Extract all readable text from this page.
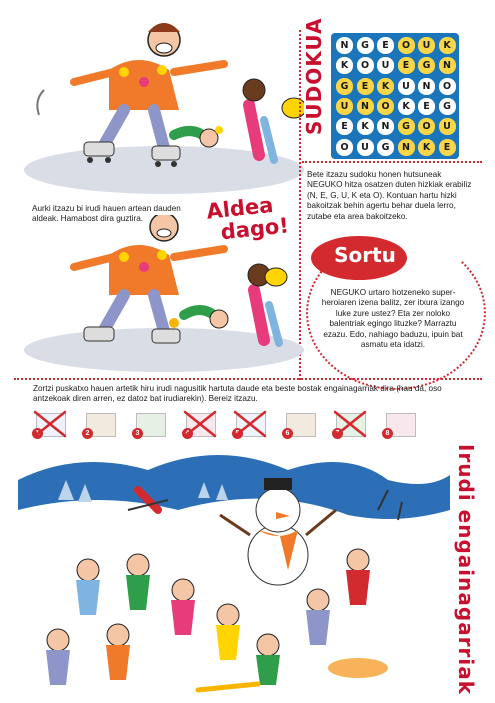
SUDOKUA	N	G	E	O	U	K
K	O	U	E	G	N
G	E	K	U	N	O
U	N	O	K	E	G
E	K	N	G	O	U
O	U	G	N	K	E
Bete itzazu sudoku honen hutsuneak NEGUKO hitza osatzen duten hizkiak erabiliz (N, E, G, U, K eta O). Kontuan hartu hizki bakoitzak behin agertu behar duela lerro, zutabe eta area bakoitzeko.
Aurki itzazu bi irudi hauen artean dauden aldeak. Hamabost dira guztira.	Aldea
dago!
Sortu
NEGUKO urtaro hotzeneko super-heroiaren izena balitz, zer itxura izango luke zure ustez? Eta zer noloko balentriak egingo lituzke? Marraztu ezazu. Edo, nahiago baduzu, ipuin bat asmatu eta idatzi.
Zortzi puskatxo hauen artetik hiru irudi nagusitik hartuta daude eta beste bostak engainagarriak dira (hau da, oso antzekoak diren arren, ez datoz bat irudiarekin). Bereiz itzazu.
2	3	6	8
Irudi engainagarriak
